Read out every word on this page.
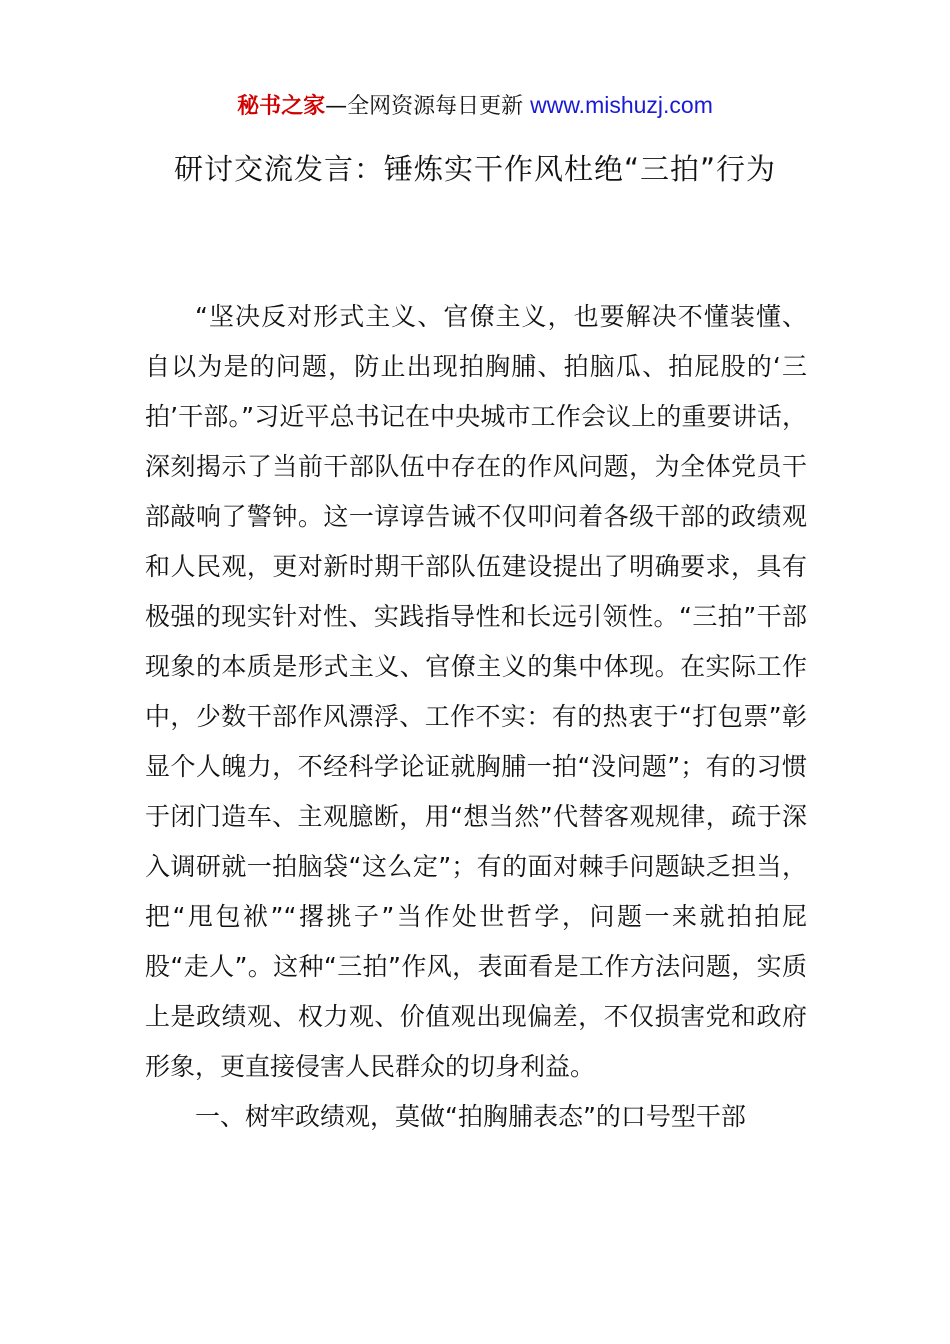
秘书之家—全网资源每日更新 www.mishuzj.com
研讨交流发言：锤炼实干作风杜绝“三拍”行为

“坚决反对形式主义、官僚主义，也要解决不懂装懂、自以为是的问题，防止出现拍胸脯、拍脑瓜、拍屁股的‘三拍’干部。”习近平总书记在中央城市工作会议上的重要讲话，深刻揭示了当前干部队伍中存在的作风问题，为全体党员干部敲响了警钟。这一谆谆告诫不仅叩问着各级干部的政绩观和人民观，更对新时期干部队伍建设提出了明确要求，具有极强的现实针对性、实践指导性和长远引领性。“三拍”干部现象的本质是形式主义、官僚主义的集中体现。在实际工作中，少数干部作风漂浮、工作不实：有的热衷于“打包票”彰显个人魄力，不经科学论证就胸脯一拍“没问题”；有的习惯于闭门造车、主观臆断，用“想当然”代替客观规律，疏于深入调研就一拍脑袋“这么定”；有的面对棘手问题缺乏担当，把“甩包袱”“撂挑子”当作处世哲学，问题一来就拍拍屁股“走人”。这种“三拍”作风，表面看是工作方法问题，实质上是政绩观、权力观、价值观出现偏差，不仅损害党和政府形象，更直接侵害人民群众的切身利益。

一、树牢政绩观，莫做“拍胸脯表态”的口号型干部
